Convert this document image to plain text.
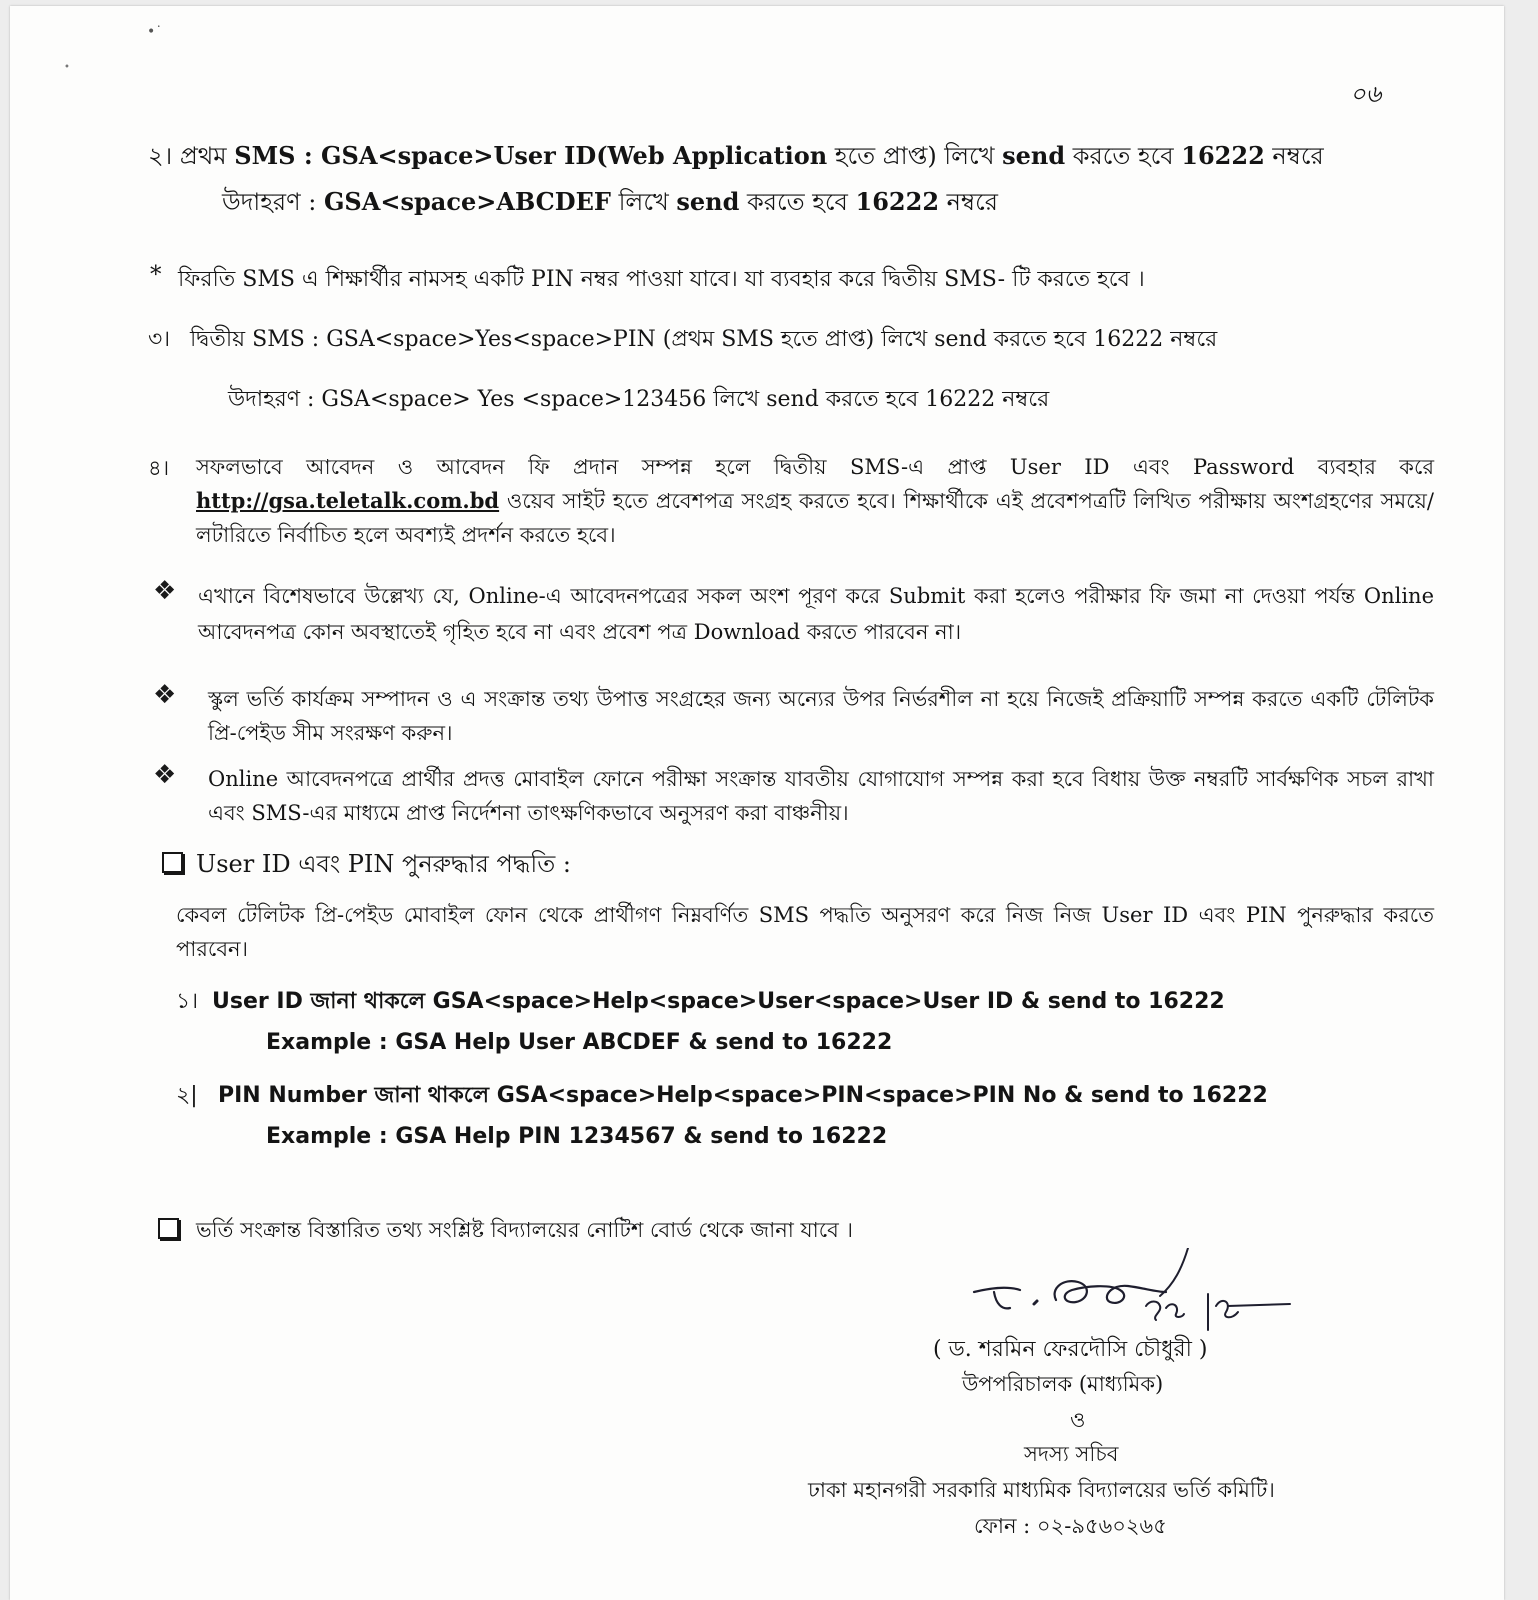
•˙
•
০৬
২। প্রথম SMS : GSA<space>User ID(Web Application হতে প্রাপ্ত) লিখে send করতে হবে 16222 নম্বরে
উদাহরণ : GSA<space>ABCDEF লিখে send করতে হবে 16222 নম্বরে
* ফিরতি SMS এ শিক্ষার্থীর নামসহ একটি PIN নম্বর পাওয়া যাবে। যা ব্যবহার করে দ্বিতীয় SMS- টি করতে হবে ।
৩। দ্বিতীয় SMS : GSA<space>Yes<space>PIN (প্রথম SMS হতে প্রাপ্ত) লিখে send করতে হবে 16222 নম্বরে
উদাহরণ : GSA<space> Yes <space>123456 লিখে send করতে হবে 16222 নম্বরে
৪। সফলভাবে আবেদন ও আবেদন ফি প্রদান সম্পন্ন হলে দ্বিতীয় SMS-এ প্রাপ্ত User ID এবং Password ব্যবহার করে http://gsa.teletalk.com.bd ওয়েব সাইট হতে প্রবেশপত্র সংগ্রহ করতে হবে। শিক্ষার্থীকে এই প্রবেশপত্রটি লিখিত পরীক্ষায় অংশগ্রহণের সময়ে/লটারিতে নির্বাচিত হলে অবশ্যই প্রদর্শন করতে হবে।
❖ এখানে বিশেষভাবে উল্লেখ্য যে, Online-এ আবেদনপত্রের সকল অংশ পূরণ করে Submit করা হলেও পরীক্ষার ফি জমা না দেওয়া পর্যন্ত Online আবেদনপত্র কোন অবস্থাতেই গৃহিত হবে না এবং প্রবেশ পত্র Download করতে পারবেন না।
❖ স্কুল ভর্তি কার্যক্রম সম্পাদন ও এ সংক্রান্ত তথ্য উপাত্ত সংগ্রহের জন্য অন্যের উপর নির্ভরশীল না হয়ে নিজেই প্রক্রিয়াটি সম্পন্ন করতে একটি টেলিটক প্রি-পেইড সীম সংরক্ষণ করুন।
❖ Online আবেদনপত্রে প্রার্থীর প্রদত্ত মোবাইল ফোনে পরীক্ষা সংক্রান্ত যাবতীয় যোগাযোগ সম্পন্ন করা হবে বিধায় উক্ত নম্বরটি সার্বক্ষণিক সচল রাখা এবং SMS-এর মাধ্যমে প্রাপ্ত নির্দেশনা তাৎক্ষণিকভাবে অনুসরণ করা বাঞ্চনীয়।
User ID এবং PIN পুনরুদ্ধার পদ্ধতি :
কেবল টেলিটক প্রি-পেইড মোবাইল ফোন থেকে প্রার্থীগণ নিম্নবর্ণিত SMS পদ্ধতি অনুসরণ করে নিজ নিজ User ID এবং PIN পুনরুদ্ধার করতে পারবেন।
১। User ID জানা থাকলে GSA<space>Help<space>User<space>User ID & send to 16222
Example : GSA Help User ABCDEF & send to 16222
২| PIN Number জানা থাকলে GSA<space>Help<space>PIN<space>PIN No & send to 16222
Example : GSA Help PIN 1234567 & send to 16222
ভর্তি সংক্রান্ত বিস্তারিত তথ্য সংশ্লিষ্ট বিদ্যালয়ের নোটিশ বোর্ড থেকে জানা যাবে ।
( ড. শরমিন ফেরদৌসি চৌধুরী )
উপপরিচালক (মাধ্যমিক)
ও
সদস্য সচিব
ঢাকা মহানগরী সরকারি মাধ্যমিক বিদ্যালয়ের ভর্তি কমিটি।
ফোন : ০২-৯৫৬০২৬৫
